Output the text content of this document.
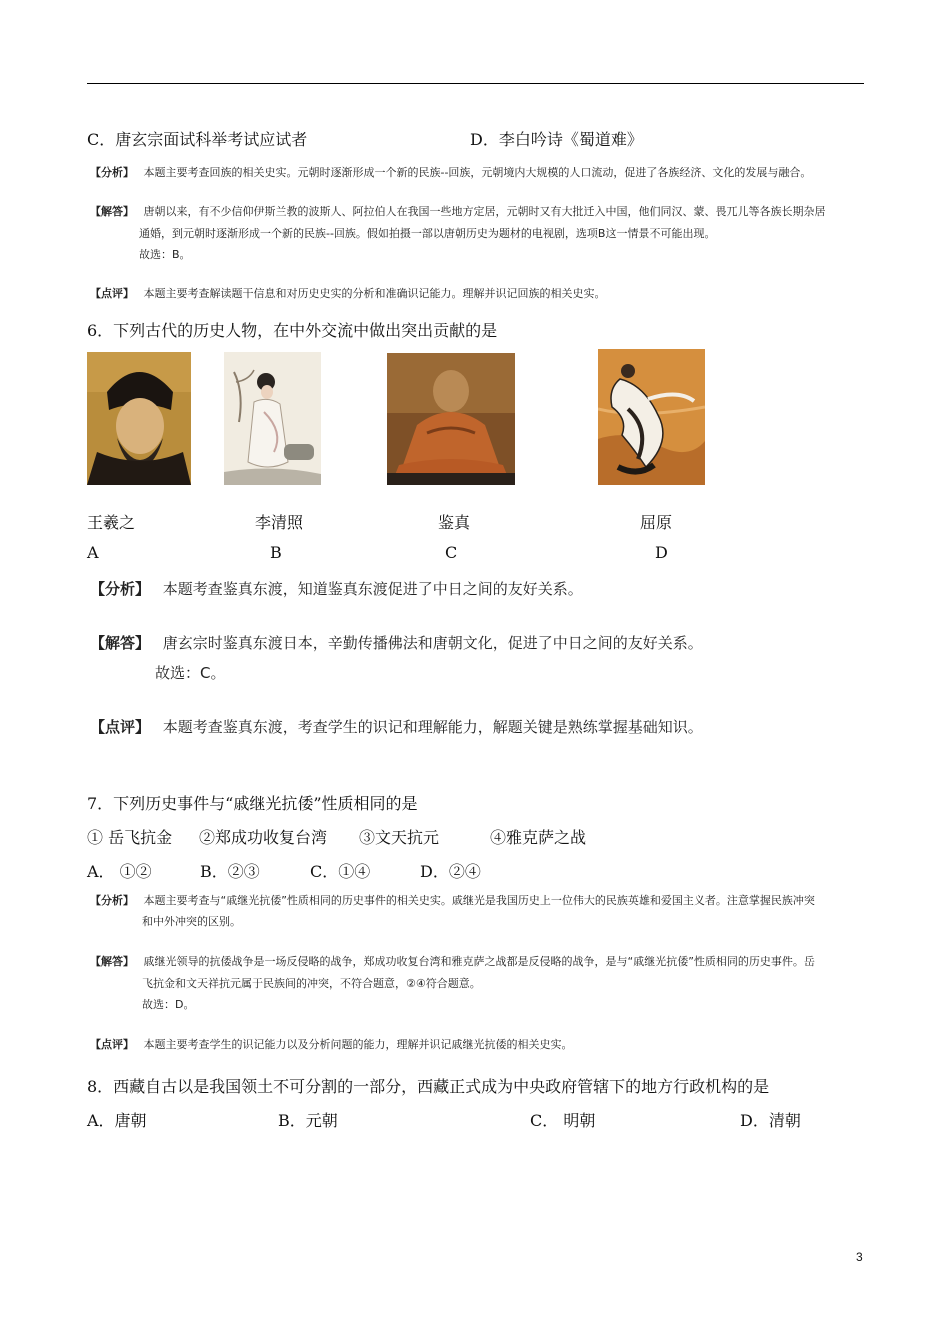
C．唐玄宗面试科举考试应试者	D．李白吟诗《蜀道难》
【分析】 本题主要考查回族的相关史实。元朝时逐渐形成一个新的民族--回族，元朝境内大规模的人口流动，促进了各族经济、文化的发展与融合。
【解答】 唐朝以来，有不少信仰伊斯兰教的波斯人、阿拉伯人在我国一些地方定居，元朝时又有大批迁入中国，他们同汉、蒙、畏兀儿等各族长期杂居
通婚，到元朝时逐渐形成一个新的民族--回族。假如拍摄一部以唐朝历史为题材的电视剧，选项B这一情景不可能出现。
故选：B。
【点评】 本题主要考查解读题干信息和对历史史实的分析和准确识记能力。理解并识记回族的相关史实。
6．下列古代的历史人物，在中外交流中做出突出贡献的是
王羲之	李清照	鉴真	屈原
A	B	C	D
【分析】 本题考查鉴真东渡，知道鉴真东渡促进了中日之间的友好关系。
【解答】 唐玄宗时鉴真东渡日本，辛勤传播佛法和唐朝文化，促进了中日之间的友好关系。
故选：C。
【点评】 本题考查鉴真东渡，考查学生的识记和理解能力，解题关键是熟练掌握基础知识。
7．下列历史事件与“戚继光抗倭”性质相同的是
① 岳飞抗金 ②郑成功收复台湾 ③文天抗元	④雅克萨之战
A． ①②	B．②③	C．①④	D．②④
【分析】 本题主要考查与“戚继光抗倭”性质相同的历史事件的相关史实。戚继光是我国历史上一位伟大的民族英雄和爱国主义者。注意掌握民族冲突
和中外冲突的区别。
【解答】 戚继光领导的抗倭战争是一场反侵略的战争，郑成功收复台湾和雅克萨之战都是反侵略的战争，是与“戚继光抗倭”性质相同的历史事件。岳
飞抗金和文天祥抗元属于民族间的冲突，不符合题意，②④符合题意。
故选：D。
【点评】 本题主要考查学生的识记能力以及分析问题的能力，理解并识记戚继光抗倭的相关史实。
8．西藏自古以是我国领土不可分割的一部分，西藏正式成为中央政府管辖下的地方行政机构的是
A．唐朝	B．元朝	C． 明朝	D．清朝
3
